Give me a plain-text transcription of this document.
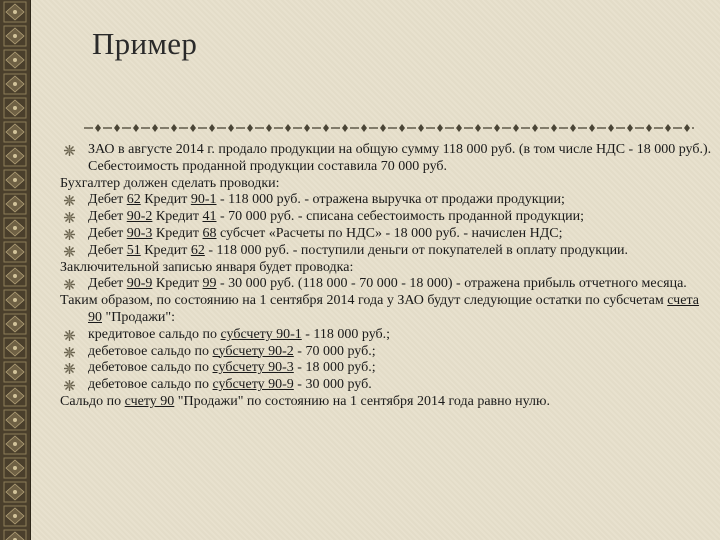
Пример

ЗАО в августе 2014 г. продало продукции на общую сумму 118 000 руб. (в том числе НДС - 18 000 руб.). Себестоимость проданной продукции составила 70 000 руб.

Бухгалтер должен сделать проводки:

Дебет 62 Кредит 90-1 - 118 000 руб. - отражена выручка от продажи продукции;

Дебет 90-2 Кредит 41 - 70 000 руб. - списана себестоимость проданной продукции;

Дебет 90-3 Кредит 68 субсчет «Расчеты по НДС» - 18 000 руб. - начислен НДС;

Дебет 51 Кредит 62 - 118 000 руб. - поступили деньги от покупателей в оплату продукции.

Заключительной записью января будет проводка:

Дебет 90-9 Кредит 99 - 30 000 руб. (118 000 - 70 000 - 18 000) - отражена прибыль отчетного месяца.

Таким образом, по состоянию на 1 сентября 2014 года у ЗАО будут следующие остатки по субсчетам счета 90 "Продажи":

кредитовое сальдо по субсчету 90-1 - 118 000 руб.;

дебетовое сальдо по субсчету 90-2 - 70 000 руб.;

дебетовое сальдо по субсчету 90-3 - 18 000 руб.;

дебетовое сальдо по субсчету 90-9 - 30 000 руб.

Сальдо по счету 90 "Продажи" по состоянию на 1 сентября 2014 года равно нулю.
